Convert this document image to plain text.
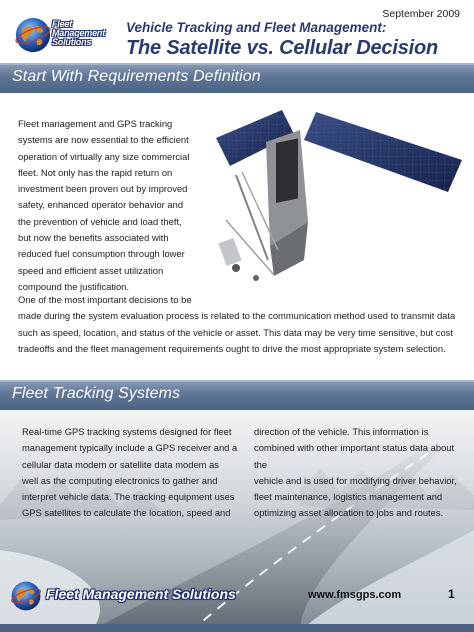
September 2009
Fleet
Management
Solutions
Vehicle Tracking and Fleet Management:
The Satellite vs. Cellular Decision
Start With Requirements Definition
Fleet management and GPS tracking
systems are now essential to the efficient
operation of virtually any size commercial
fleet. Not only has the rapid return on
investment been proven out by improved
safety, enhanced operator behavior and
the prevention of vehicle and load theft,
but now the benefits associated with
reduced fuel consumption through lower
speed and efficient asset utilization
compound the justification.
One of the most important decisions to be
made during the system evaluation process is related to the communication method used to transmit data
such as speed, location, and status of the vehicle or asset. This data may be very time sensitive, but cost
tradeoffs and the fleet management requirements ought to drive the most appropriate system selection.
Fleet Tracking Systems
Real-time GPS tracking systems designed for fleet
management typically include a GPS receiver and a
cellular data modem or satellite data modem as
well as the computing electronics to gather and
interpret vehicle data. The tracking equipment uses
GPS satellites to calculate the location, speed and
direction of the vehicle. This information is
combined with other important status data about the
vehicle and is used for modifying driver behavior,
fleet maintenance, logistics management and
optimizing asset allocation to jobs and routes.
Fleet Management Solutions	www.fmsgps.com	1
